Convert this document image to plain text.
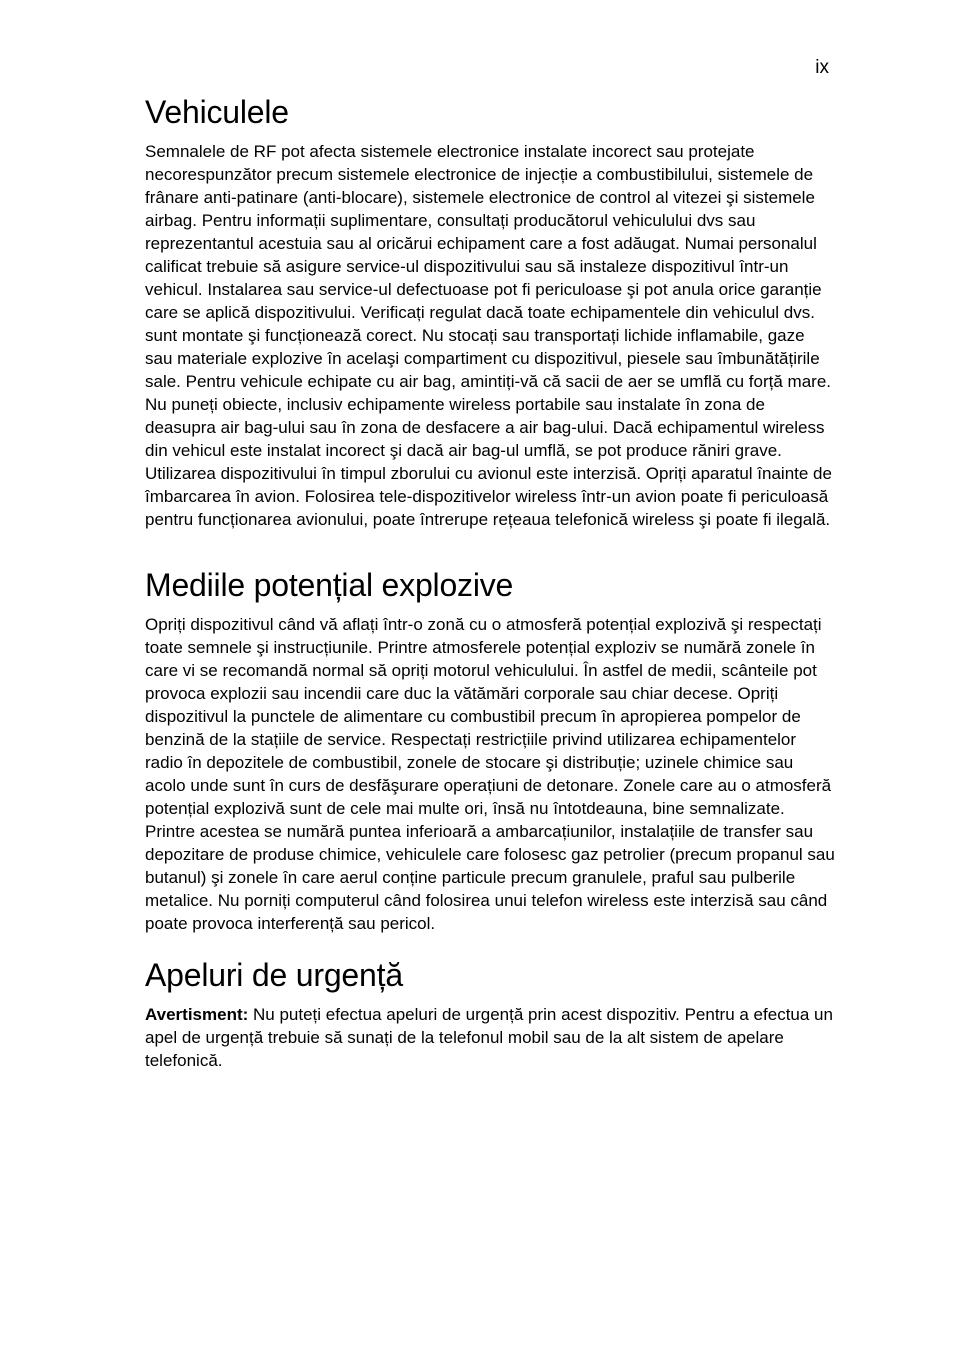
ix

Vehiculele

Semnalele de RF pot afecta sistemele electronice instalate incorect sau protejate necorespunzător precum sistemele electronice de injecție a combustibilului, sistemele de frânare anti-patinare (anti-blocare), sistemele electronice de control al vitezei şi sistemele airbag. Pentru informații suplimentare, consultați producătorul vehiculului dvs sau reprezentantul acestuia sau al oricărui echipament care a fost adăugat. Numai personalul calificat trebuie să asigure service-ul dispozitivului sau să instaleze dispozitivul într-un vehicul. Instalarea sau service-ul defectuoase pot fi periculoase şi pot anula orice garanție care se aplică dispozitivului. Verificați regulat dacă toate echipamentele din vehiculul dvs. sunt montate şi funcționează corect. Nu stocați sau transportați lichide inflamabile, gaze sau materiale explozive în acelaşi compartiment cu dispozitivul, piesele sau îmbunătățirile sale. Pentru vehicule echipate cu air bag, amintiți-vă că sacii de aer se umflă cu forță mare. Nu puneți obiecte, inclusiv echipamente wireless portabile sau instalate în zona de deasupra air bag-ului sau în zona de desfacere a air bag-ului. Dacă echipamentul wireless din vehicul este instalat incorect şi dacă air bag-ul umflă, se pot produce răniri grave. Utilizarea dispozitivului în timpul zborului cu avionul este interzisă. Opriți aparatul înainte de îmbarcarea în avion. Folosirea tele-dispozitivelor wireless într-un avion poate fi periculoasă pentru funcționarea avionului, poate întrerupe rețeaua telefonică wireless şi poate fi ilegală.

Mediile potențial explozive

Opriți dispozitivul când vă aflați într-o zonă cu o atmosferă potențial explozivă şi respectați toate semnele şi instrucțiunile. Printre atmosferele potențial exploziv se numără zonele în care vi se recomandă normal să opriți motorul vehiculului. În astfel de medii, scânteile pot provoca explozii sau incendii care duc la vătămări corporale sau chiar decese. Opriți dispozitivul la punctele de alimentare cu combustibil precum în apropierea pompelor de benzină de la stațiile de service. Respectați restricțiile privind utilizarea echipamentelor radio în depozitele de combustibil, zonele de stocare şi distribuție; uzinele chimice sau acolo unde sunt în curs de desfăşurare operațiuni de detonare. Zonele care au o atmosferă potențial explozivă sunt de cele mai multe ori, însă nu întotdeauna, bine semnalizate. Printre acestea se numără puntea inferioară a ambarcațiunilor, instalațiile de transfer sau depozitare de produse chimice, vehiculele care folosesc gaz petrolier (precum propanul sau butanul) şi zonele în care aerul conține particule precum granulele, praful sau pulberile metalice. Nu porniți computerul când folosirea unui telefon wireless este interzisă sau când poate provoca interferență sau pericol.

Apeluri de urgență

Avertisment: Nu puteți efectua apeluri de urgență prin acest dispozitiv. Pentru a efectua un apel de urgență trebuie să sunați de la telefonul mobil sau de la alt sistem de apelare telefonică.
